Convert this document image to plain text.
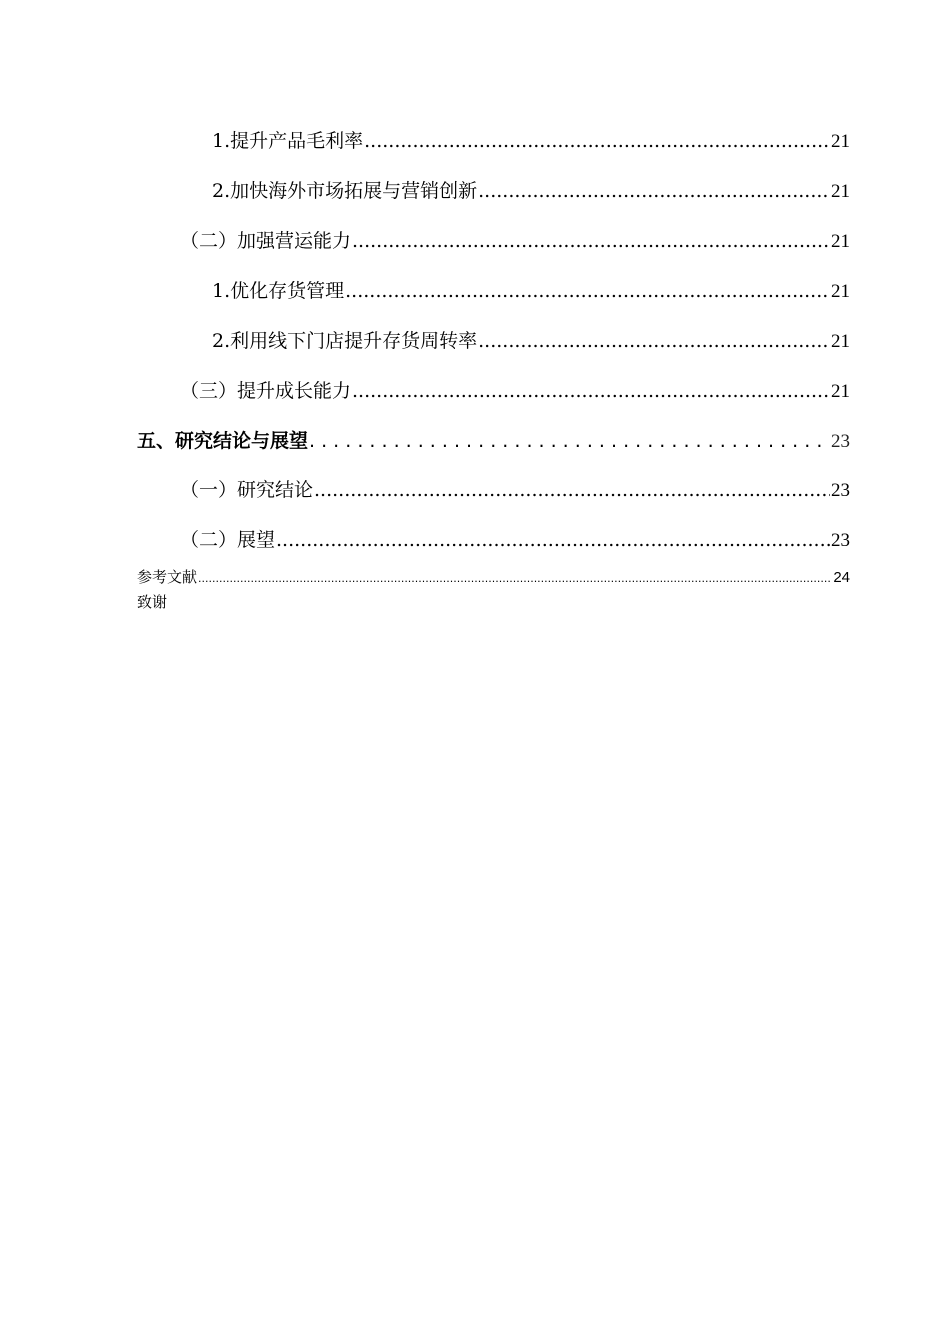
1.提升产品毛利率 .....	21
2.加快海外市场拓展与营销创新 .....	21
（二）加强营运能力 .....	21
1.优化存货管理 .....	21
2.利用线下门店提升存货周转率 .....	21
（三）提升成长能力 .....	21
五、研究结论与展望 . . .	23
（一）研究结论 .....	23
（二）展望 .....	23
参考文献 .....	24
致谢
